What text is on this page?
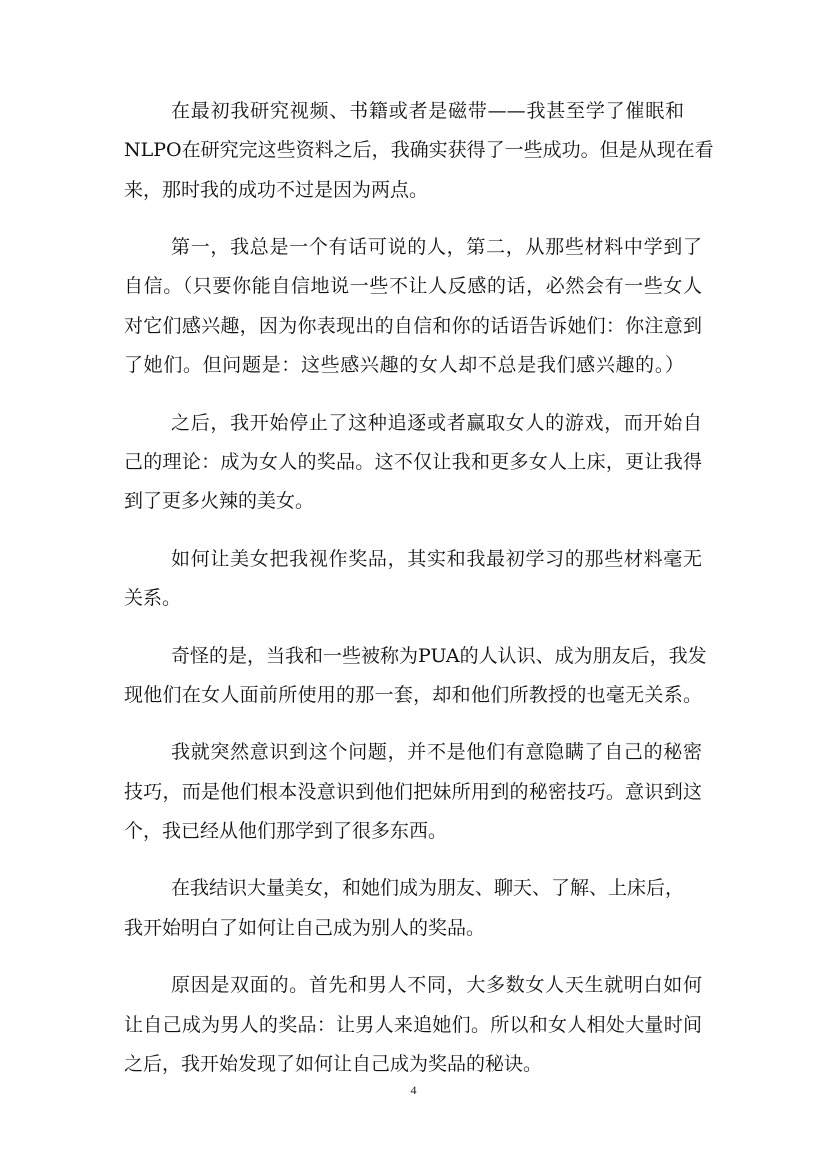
在最初我研究视频、书籍或者是磁带——我甚至学了催眠和
NLPO在研究完这些资料之后，我确实获得了一些成功。但是从现在看
来，那时我的成功不过是因为两点。
第一，我总是一个有话可说的人，第二，从那些材料中学到了
自信。（只要你能自信地说一些不让人反感的话，必然会有一些女人
对它们感兴趣，因为你表现出的自信和你的话语告诉她们：你注意到
了她们。但问题是：这些感兴趣的女人却不总是我们感兴趣的。）
之后，我开始停止了这种追逐或者赢取女人的游戏，而开始自
己的理论：成为女人的奖品。这不仅让我和更多女人上床，更让我得
到了更多火辣的美女。
如何让美女把我视作奖品，其实和我最初学习的那些材料毫无
关系。
奇怪的是，当我和一些被称为PUA的人认识、成为朋友后，我发
现他们在女人面前所使用的那一套，却和他们所教授的也毫无关系。
我就突然意识到这个问题，并不是他们有意隐瞒了自己的秘密
技巧，而是他们根本没意识到他们把妹所用到的秘密技巧。意识到这
个，我已经从他们那学到了很多东西。
在我结识大量美女，和她们成为朋友、聊天、了解、上床后，
我开始明白了如何让自己成为别人的奖品。
原因是双面的。首先和男人不同，大多数女人天生就明白如何
让自己成为男人的奖品：让男人来追她们。所以和女人相处大量时间
之后，我开始发现了如何让自己成为奖品的秘诀。
4
